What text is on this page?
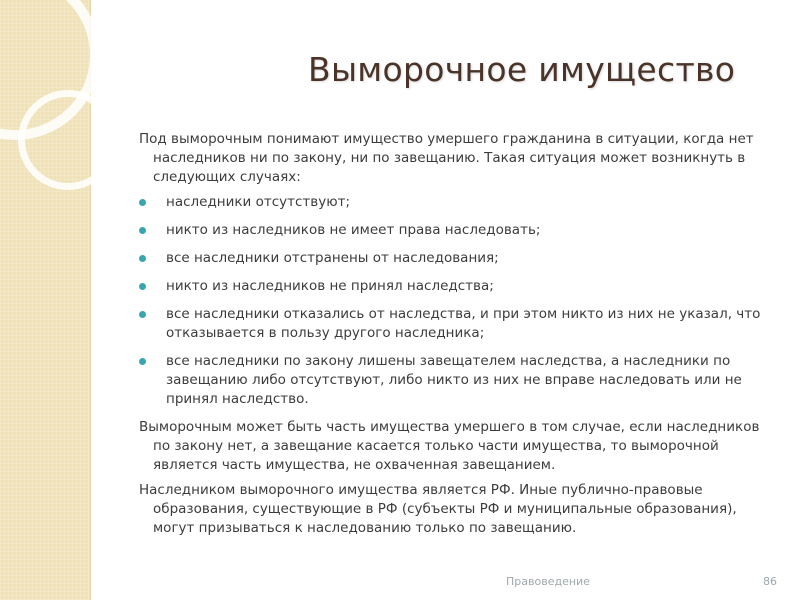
Выморочное имущество

Под выморочным понимают имущество умершего гражданина в ситуации, когда нет наследников ни по закону, ни по завещанию. Такая ситуация может возникнуть в следующих случаях:

наследники отсутствуют;
никто из наследников не имеет права наследовать;
все наследники отстранены от наследования;
никто из наследников не принял наследства;
все наследники отказались от наследства, и при этом никто из них не указал, что отказывается в пользу другого наследника;
все наследники по закону лишены завещателем наследства, а наследники по завещанию либо отсутствуют, либо никто из них не вправе наследовать или не принял наследство.

Выморочным может быть часть имущества умершего в том случае, если наследников по закону нет, а завещание касается только части имущества, то выморочной является часть имущества, не охваченная завещанием.

Наследником выморочного имущества является РФ. Иные публично-правовые образования, существующие в РФ (субъекты РФ и муниципальные образования), могут призываться к наследованию только по завещанию.

Правоведение	86
